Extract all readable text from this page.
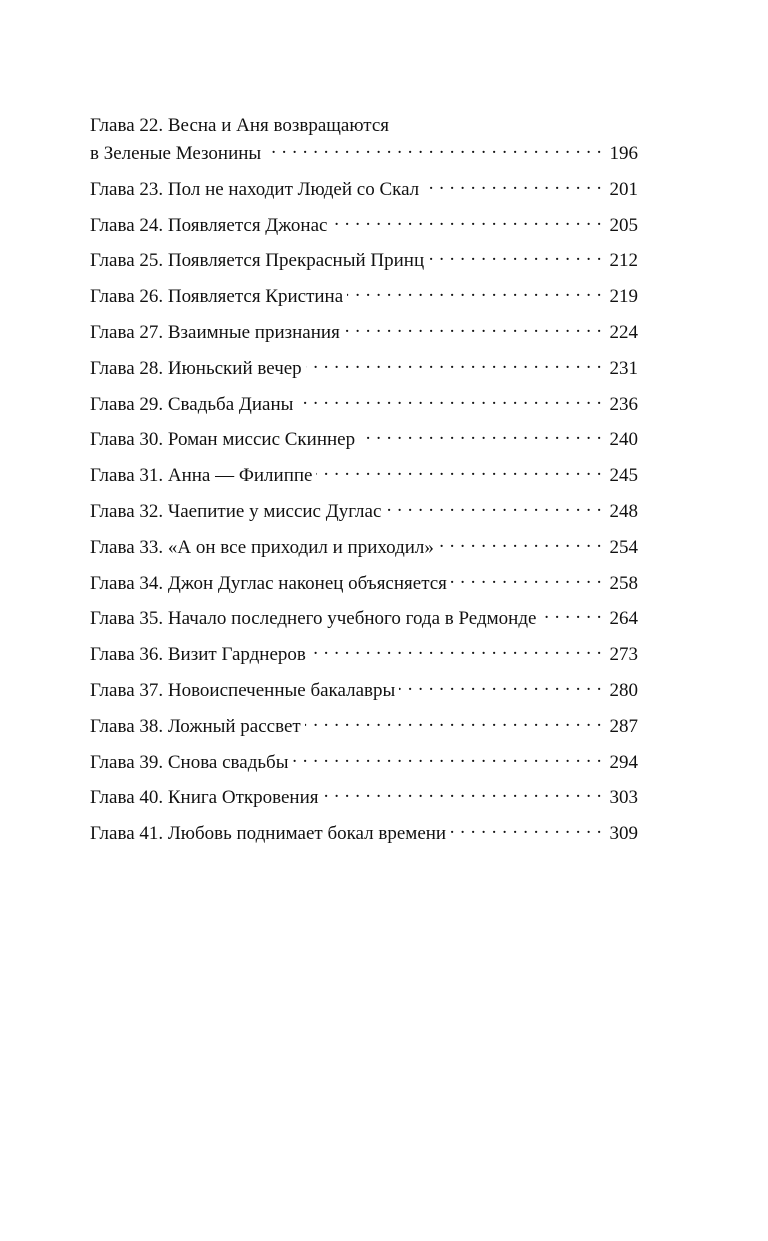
Глава 22. Весна и Аня возвращаются
в Зеленые Мезонины . . .	196
Глава 23. Пол не находит Людей со Скал . . .	201
Глава 24. Появляется Джонас . . .	205
Глава 25. Появляется Прекрасный Принц . . .	212
Глава 26. Появляется Кристина . . .	219
Глава 27. Взаимные признания . . .	224
Глава 28. Июньский вечер . . .	231
Глава 29. Свадьба Дианы . . .	236
Глава 30. Роман миссис Скиннер . . .	240
Глава 31. Анна — Филиппе . . .	245
Глава 32. Чаепитие у миссис Дуглас . . .	248
Глава 33. «А он все приходил и приходил» . . .	254
Глава 34. Джон Дуглас наконец объясняется . . .	258
Глава 35. Начало последнего учебного года в Редмонде . . .	264
Глава 36. Визит Гарднеров . . .	273
Глава 37. Новоиспеченные бакалавры . . .	280
Глава 38. Ложный рассвет . . .	287
Глава 39. Снова свадьбы . . .	294
Глава 40. Книга Откровения . . .	303
Глава 41. Любовь поднимает бокал времени . . .	309
